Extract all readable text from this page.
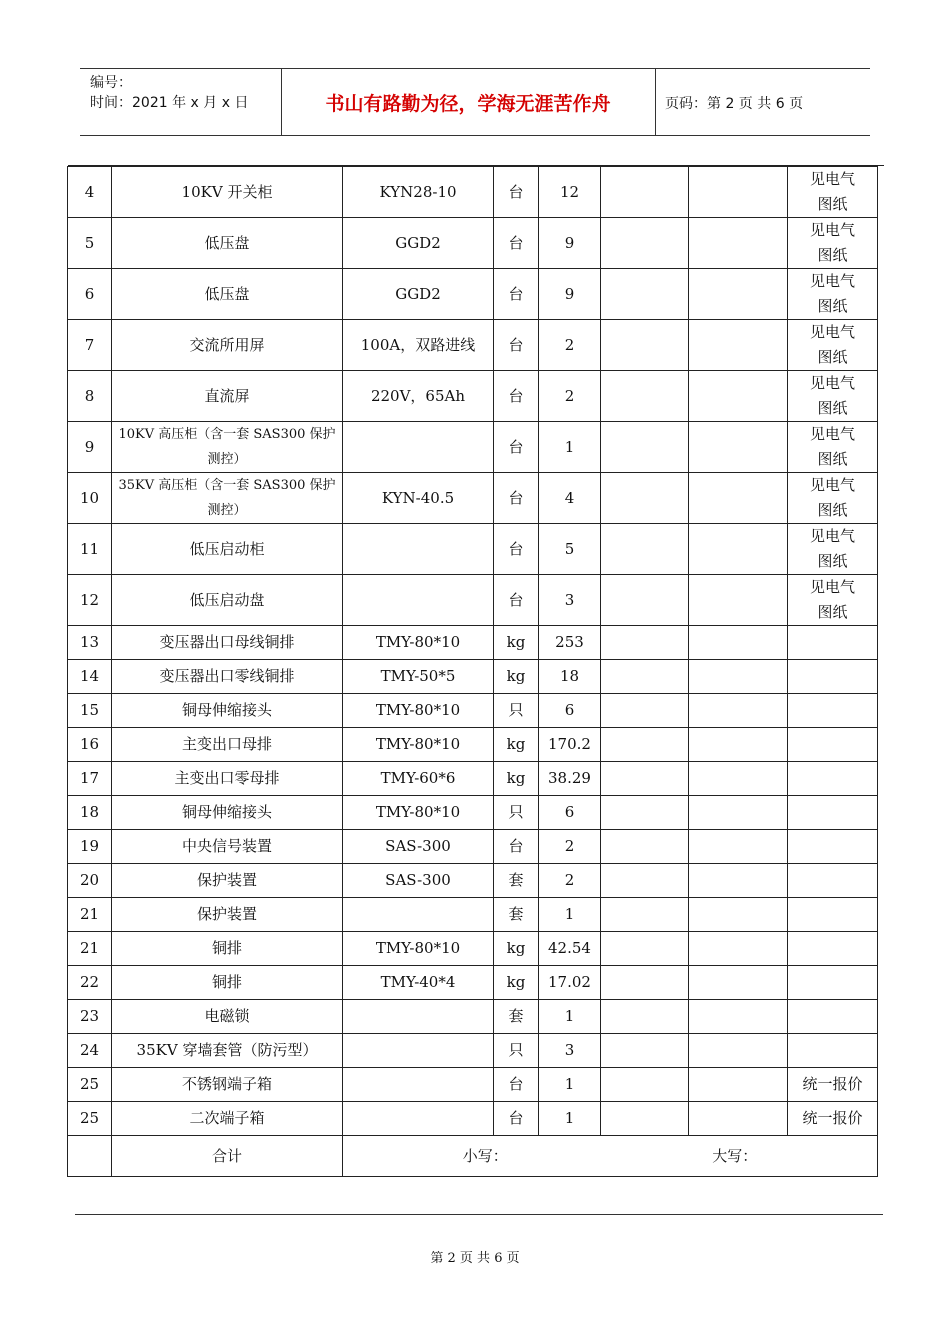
编号：
时间：2021 年 x 月 x 日	书山有路勤为径，学海无涯苦作舟	页码：第 2 页 共 6 页
4	10KV 开关柜	KYN28-10	台	12			见电气图纸
5	低压盘	GGD2	台	9			见电气图纸
6	低压盘	GGD2	台	9			见电气图纸
7	交流所用屏	100A，双路进线	台	2			见电气图纸
8	直流屏	220V，65Ah	台	2			见电气图纸
9	10KV 高压柜（含一套 SAS300 保护测控）		台	1			见电气图纸
10	35KV 高压柜（含一套 SAS300 保护测控）	KYN-40.5	台	4			见电气图纸
11	低压启动柜		台	5			见电气图纸
12	低压启动盘		台	3			见电气图纸
13	变压器出口母线铜排	TMY-80*10	kg	253			
14	变压器出口零线铜排	TMY-50*5	kg	18			
15	铜母伸缩接头	TMY-80*10	只	6			
16	主变出口母排	TMY-80*10	kg	170.2			
17	主变出口零母排	TMY-60*6	kg	38.29			
18	铜母伸缩接头	TMY-80*10	只	6			
19	中央信号装置	SAS-300	台	2			
20	保护装置	SAS-300	套	2			
21	保护装置		套	1			
21	铜排	TMY-80*10	kg	42.54			
22	铜排	TMY-40*4	kg	17.02			
23	电磁锁		套	1			
24	35KV 穿墙套管（防污型）		只	3			
25	不锈钢端子箱		台	1			统一报价
25	二次端子箱		台	1			统一报价
	合计	小写： 大写：					
第 2 页 共 6 页
